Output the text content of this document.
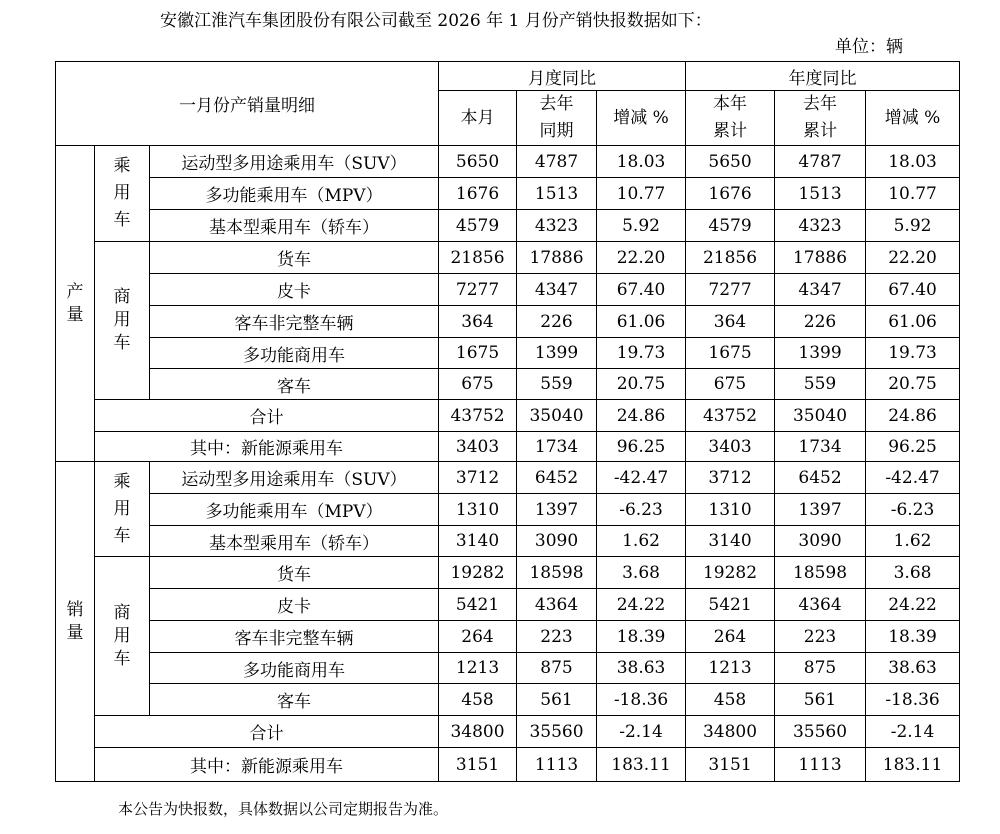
安徽江淮汽车集团股份有限公司截至 2026 年 1 月份产销快报数据如下：
单位：辆
一月份产销量明细			月度同比			年度同比		
			本月	去年同期	增减 %	本年累计	去年累计	增减 %
产量	乘用车	运动型多用途乘用车（SUV）	5650	4787	18.03	5650	4787	18.03
		多功能乘用车（MPV）	1676	1513	10.77	1676	1513	10.77
		基本型乘用车（轿车）	4579	4323	5.92	4579	4323	5.92
	商用车	货车	21856	17886	22.20	21856	17886	22.20
		皮卡	7277	4347	67.40	7277	4347	67.40
		客车非完整车辆	364	226	61.06	364	226	61.06
		多功能商用车	1675	1399	19.73	1675	1399	19.73
		客车	675	559	20.75	675	559	20.75
	合计		43752	35040	24.86	43752	35040	24.86
	其中：新能源乘用车		3403	1734	96.25	3403	1734	96.25
销量	乘用车	运动型多用途乘用车（SUV）	3712	6452	-42.47	3712	6452	-42.47
		多功能乘用车（MPV）	1310	1397	-6.23	1310	1397	-6.23
		基本型乘用车（轿车）	3140	3090	1.62	3140	3090	1.62
	商用车	货车	19282	18598	3.68	19282	18598	3.68
		皮卡	5421	4364	24.22	5421	4364	24.22
		客车非完整车辆	264	223	18.39	264	223	18.39
		多功能商用车	1213	875	38.63	1213	875	38.63
		客车	458	561	-18.36	458	561	-18.36
	合计		34800	35560	-2.14	34800	35560	-2.14
	其中：新能源乘用车		3151	1113	183.11	3151	1113	183.11
本公告为快报数，具体数据以公司定期报告为准。
